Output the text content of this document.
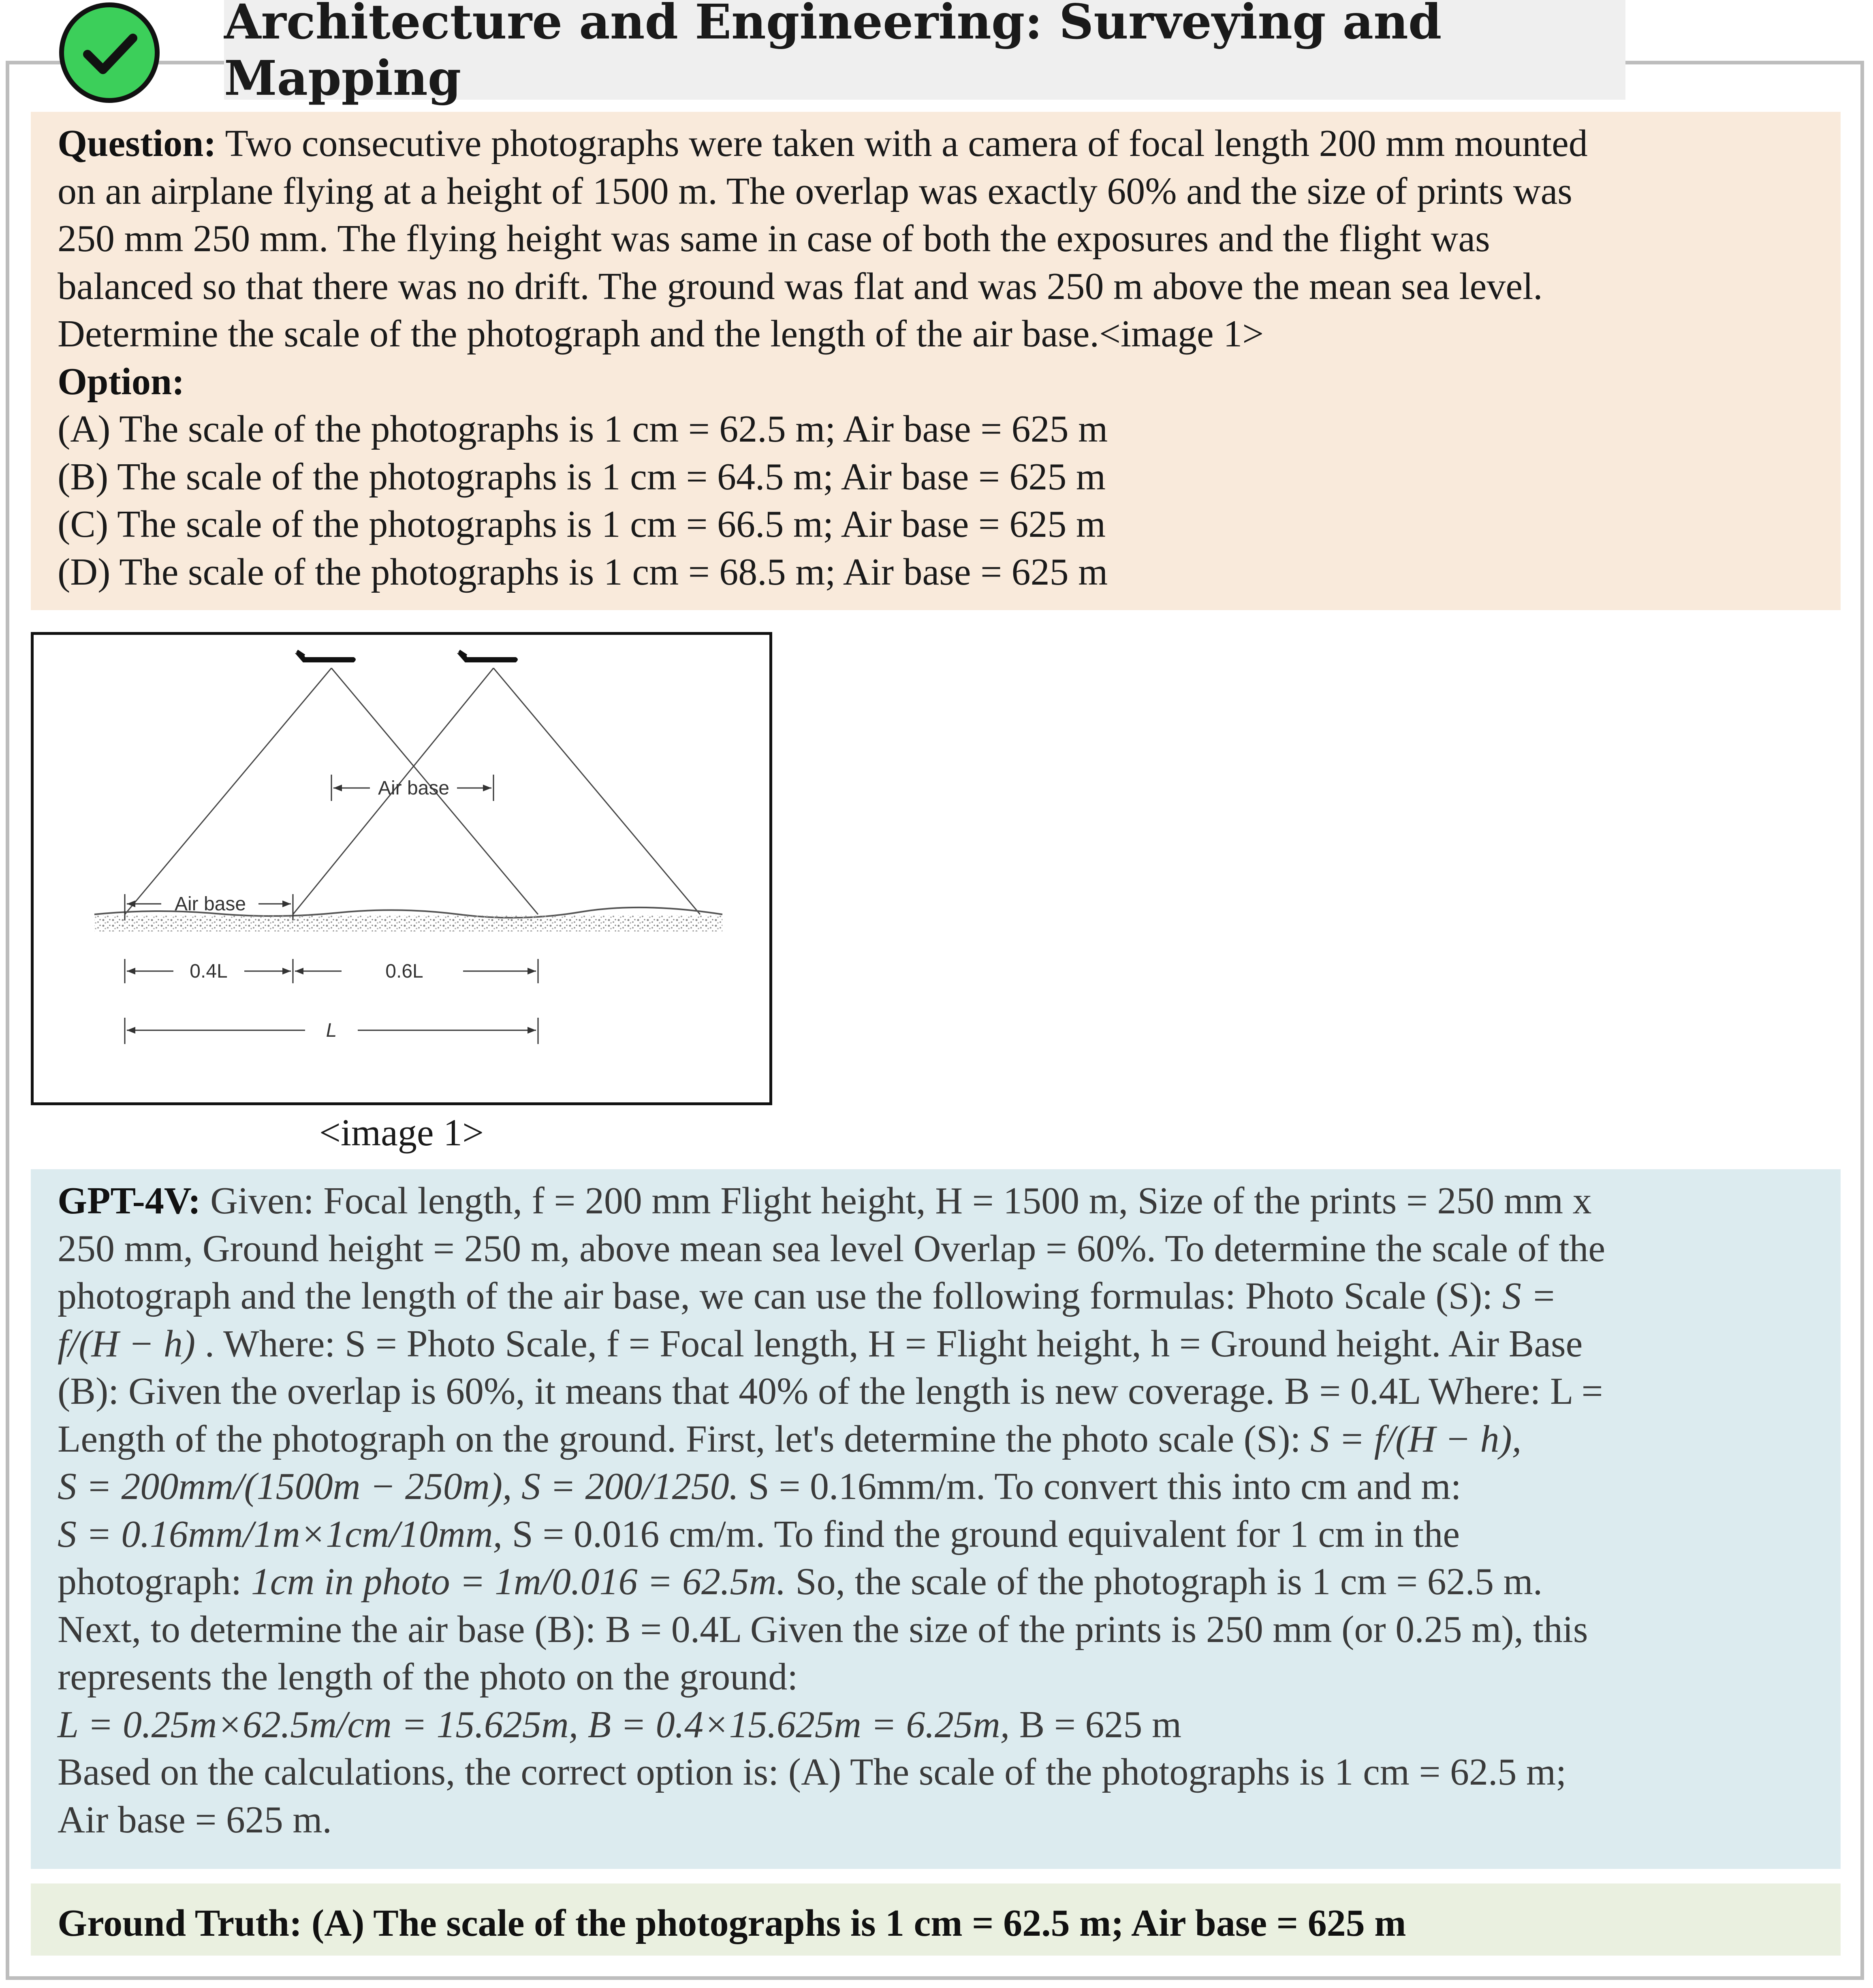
Architecture and Engineering: Surveying and Mapping

Question: Two consecutive photographs were taken with a camera of focal length 200 mm mounted
on an airplane flying at a height of 1500 m. The overlap was exactly 60% and the size of prints was
250 mm 250 mm. The flying height was same in case of both the exposures and the flight was
balanced so that there was no drift. The ground was flat and was 250 m above the mean sea level.
Determine the scale of the photograph and the length of the air base.<image 1>

Option:
(A) The scale of the photographs is 1 cm = 62.5 m; Air base = 625 m
(B) The scale of the photographs is 1 cm = 64.5 m; Air base = 625 m
(C) The scale of the photographs is 1 cm = 66.5 m; Air base = 625 m
(D) The scale of the photographs is 1 cm = 68.5 m; Air base = 625 m
Air base
Air base
0.4L	0.6L
L
<image 1>

GPT-4V: Given: Focal length, f = 200 mm Flight height, H = 1500 m, Size of the prints = 250 mm x
250 mm, Ground height = 250 m, above mean sea level Overlap = 60%. To determine the scale of the
photograph and the length of the air base, we can use the following formulas: Photo Scale (S): S =
f/(H − h) . Where: S = Photo Scale, f = Focal length, H = Flight height, h = Ground height. Air Base
(B): Given the overlap is 60%, it means that 40% of the length is new coverage. B = 0.4L Where: L =
Length of the photograph on the ground. First, let's determine the photo scale (S): S = f/(H − h),
S = 200mm/(1500m − 250m), S = 200/1250. S = 0.16mm/m. To convert this into cm and m:
S = 0.16mm/1m×1cm/10mm, S = 0.016 cm/m. To find the ground equivalent for 1 cm in the
photograph: 1cm in photo = 1m/0.016 = 62.5m. So, the scale of the photograph is 1 cm = 62.5 m.
Next, to determine the air base (B): B = 0.4L Given the size of the prints is 250 mm (or 0.25 m), this
represents the length of the photo on the ground:
L = 0.25m×62.5m/cm = 15.625m, B = 0.4×15.625m = 6.25m, B = 625 m
Based on the calculations, the correct option is: (A) The scale of the photographs is 1 cm = 62.5 m;
Air base = 625 m.

Ground Truth: (A) The scale of the photographs is 1 cm = 62.5 m; Air base = 625 m
